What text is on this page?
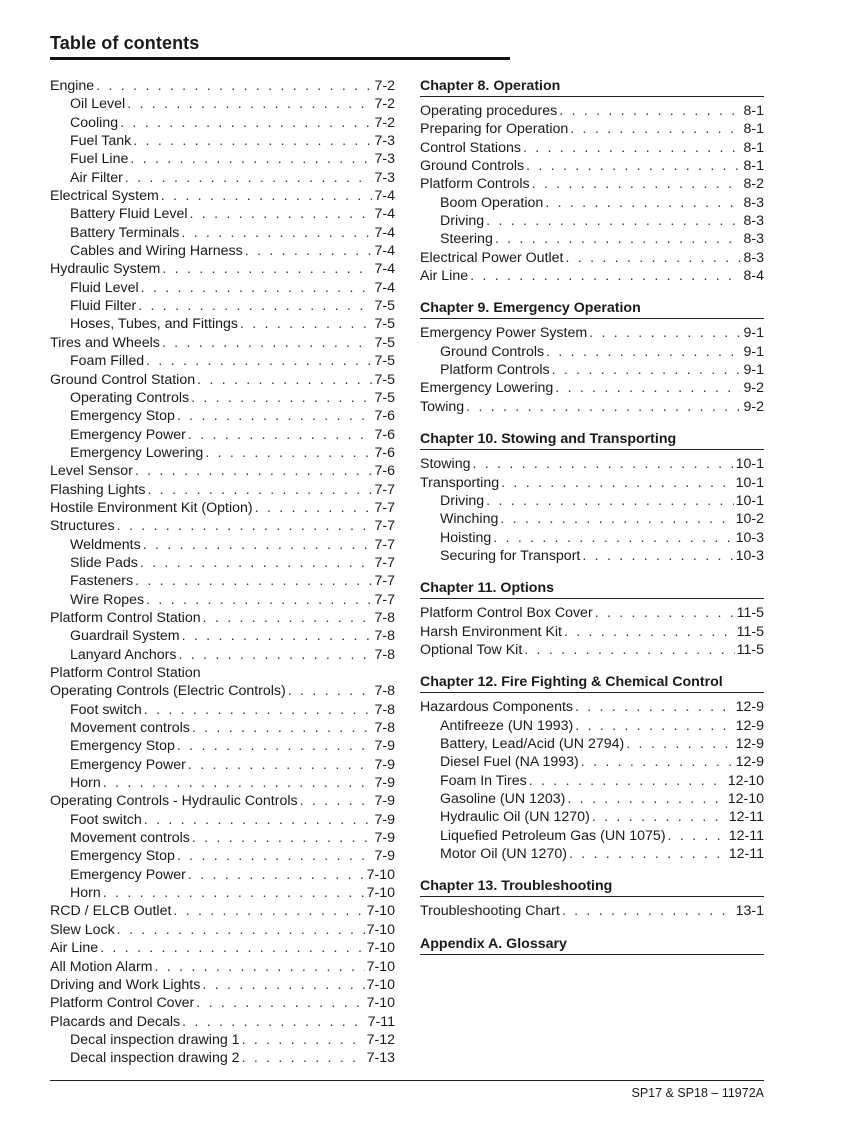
Table of contents
Engine . . .	7-2
Oil Level . . .	7-2
Cooling . . .	7-2
Fuel Tank . . .	7-3
Fuel Line . . .	7-3
Air Filter . . .	7-3
Electrical System . . .	7-4
Battery Fluid Level . . .	7-4
Battery Terminals . . .	7-4
Cables and Wiring Harness . . .	7-4
Hydraulic System . . .	7-4
Fluid Level . . .	7-4
Fluid Filter . . .	7-5
Hoses, Tubes, and Fittings . . .	7-5
Tires and Wheels . . .	7-5
Foam Filled . . .	7-5
Ground Control Station . . .	7-5
Operating Controls . . .	7-5
Emergency Stop . . .	7-6
Emergency Power . . .	7-6
Emergency Lowering . . .	7-6
Level Sensor . . .	7-6
Flashing Lights . . .	7-7
Hostile Environment Kit (Option) . . .	7-7
Structures . . .	7-7
Weldments . . .	7-7
Slide Pads . . .	7-7
Fasteners . . .	7-7
Wire Ropes . . .	7-7
Platform Control Station . . .	7-8
Guardrail System . . .	7-8
Lanyard Anchors . . .	7-8
Platform Control Station
Operating Controls (Electric Controls) . . .	7-8
Foot switch . . .	7-8
Movement controls . . .	7-8
Emergency Stop . . .	7-9
Emergency Power . . .	7-9
Horn . . .	7-9
Operating Controls - Hydraulic Controls . . .	7-9
Foot switch . . .	7-9
Movement controls . . .	7-9
Emergency Stop . . .	7-9
Emergency Power . . .	7-10
Horn . . .	7-10
RCD / ELCB Outlet . . .	7-10
Slew Lock . . .	7-10
Air Line . . .	7-10
All Motion Alarm . . .	7-10
Driving and Work Lights . . .	7-10
Platform Control Cover . . .	7-10
Placards and Decals . . .	7-11
Decal inspection drawing 1 . . .	7-12
Decal inspection drawing 2 . . .	7-13
Chapter 8. Operation
Operating procedures . . .	8-1
Preparing for Operation . . .	8-1
Control Stations . . .	8-1
Ground Controls . . .	8-1
Platform Controls . . .	8-2
Boom Operation . . .	8-3
Driving . . .	8-3
Steering . . .	8-3
Electrical Power Outlet . . .	8-3
Air Line . . .	8-4
Chapter 9. Emergency Operation
Emergency Power System . . .	9-1
Ground Controls . . .	9-1
Platform Controls . . .	9-1
Emergency Lowering . . .	9-2
Towing . . .	9-2
Chapter 10. Stowing and Transporting
Stowing . . .	10-1
Transporting . . .	10-1
Driving . . .	10-1
Winching . . .	10-2
Hoisting . . .	10-3
Securing for Transport . . .	10-3
Chapter 11. Options
Platform Control Box Cover . . .	11-5
Harsh Environment Kit . . .	11-5
Optional Tow Kit . . .	11-5
Chapter 12. Fire Fighting & Chemical Control
Hazardous Components . . .	12-9
Antifreeze (UN 1993) . . .	12-9
Battery, Lead/Acid (UN 2794) . . .	12-9
Diesel Fuel (NA 1993) . . .	12-9
Foam In Tires . . .	12-10
Gasoline (UN 1203) . . .	12-10
Hydraulic Oil (UN 1270) . . .	12-11
Liquefied Petroleum Gas (UN 1075) . . .	12-11
Motor Oil (UN 1270) . . .	12-11
Chapter 13. Troubleshooting
Troubleshooting Chart . . .	13-1
Appendix A. Glossary
SP17 & SP18 – 11972A
